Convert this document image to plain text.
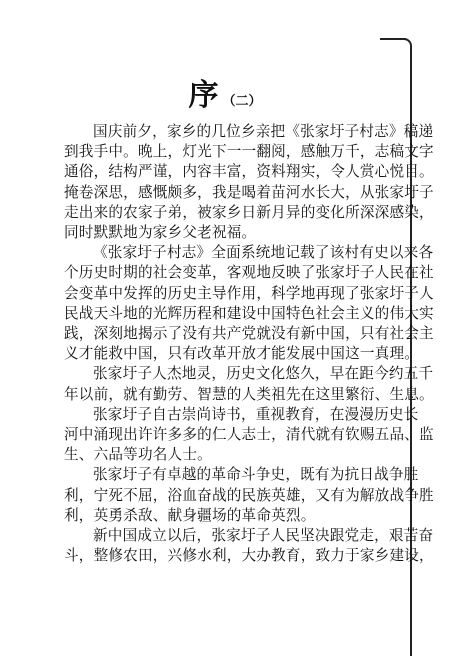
序 （二）
国庆前夕，家乡的几位乡亲把《张家圩子村志》稿递
到我手中。晚上，灯光下一一翻阅，感触万千，志稿文字
通俗，结构严谨，内容丰富，资料翔实，令人赏心悦目。
掩卷深思，感慨颇多，我是喝着苗河水长大，从张家圩子
走出来的农家子弟，被家乡日新月异的变化所深深感染，
同时默默地为家乡父老祝福。
《张家圩子村志》全面系统地记载了该村有史以来各
个历史时期的社会变革，客观地反映了张家圩子人民在社
会变革中发挥的历史主导作用，科学地再现了张家圩子人
民战天斗地的光辉历程和建设中国特色社会主义的伟大实
践，深刻地揭示了没有共产党就没有新中国，只有社会主
义才能救中国，只有改革开放才能发展中国这一真理。
张家圩子人杰地灵，历史文化悠久，早在距今约五千
年以前，就有勤劳、智慧的人类祖先在这里繁衍、生息。
张家圩子自古崇尚诗书，重视教育，在漫漫历史长
河中涌现出许许多多的仁人志士，清代就有钦赐五品、监
生、六品等功名人士。
张家圩子有卓越的革命斗争史，既有为抗日战争胜
利，宁死不屈，浴血奋战的民族英雄，又有为解放战争胜
利，英勇杀敌、献身疆场的革命英烈。
新中国成立以后，张家圩子人民坚决跟党走，艰苦奋
斗，整修农田，兴修水利，大办教育，致力于家乡建设，
